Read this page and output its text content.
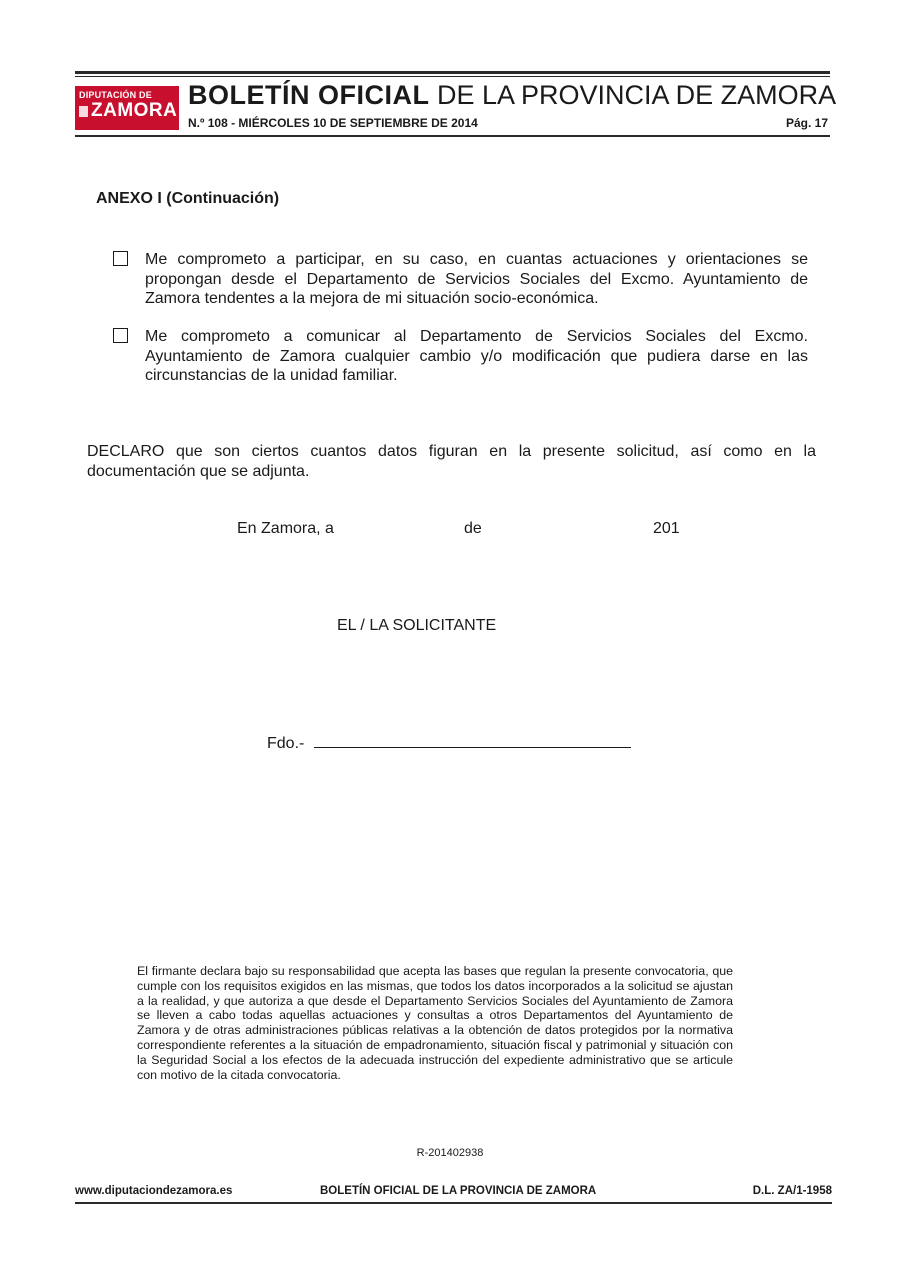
DIPUTACIÓN DE
ZAMORA
BOLETÍN OFICIAL DE LA PROVINCIA DE ZAMORA
N.º 108 - MIÉRCOLES 10 DE SEPTIEMBRE DE 2014	Pág. 17
ANEXO I (Continuación)
Me comprometo a participar, en su caso, en cuantas actuaciones y orientaciones se propongan desde el Departamento de Servicios Sociales del Excmo. Ayuntamiento de Zamora tendentes a la mejora de mi situación socio-económica.
Me comprometo a comunicar al Departamento de Servicios Sociales del Excmo. Ayuntamiento de Zamora cualquier cambio y/o modificación que pudiera darse en las circunstancias de la unidad familiar.
DECLARO que son ciertos cuantos datos figuran en la presente solicitud, así como en la documentación que se adjunta.
En Zamora, a	de	201
EL / LA SOLICITANTE
Fdo.-
El firmante declara bajo su responsabilidad que acepta las bases que regulan la presente convocatoria, que cumple con los requisitos exigidos en las mismas, que todos los datos incorporados a la solicitud se ajustan a la realidad, y que autoriza a que desde el Departamento Servicios Sociales del Ayuntamiento de Zamora se lleven a cabo todas aquellas actuaciones y consultas a otros Departamentos del Ayuntamiento de Zamora y de otras administraciones públicas relativas a la obtención de datos protegidos por la normativa correspondiente referentes a la situación de empadronamiento, situación fiscal y patrimonial y situación con la Seguridad Social a los efectos de la adecuada instrucción del expediente administrativo que se articule con motivo de la citada convocatoria.
R-201402938
www.diputaciondezamora.es	BOLETÍN OFICIAL DE LA PROVINCIA DE ZAMORA	D.L. ZA/1-1958
